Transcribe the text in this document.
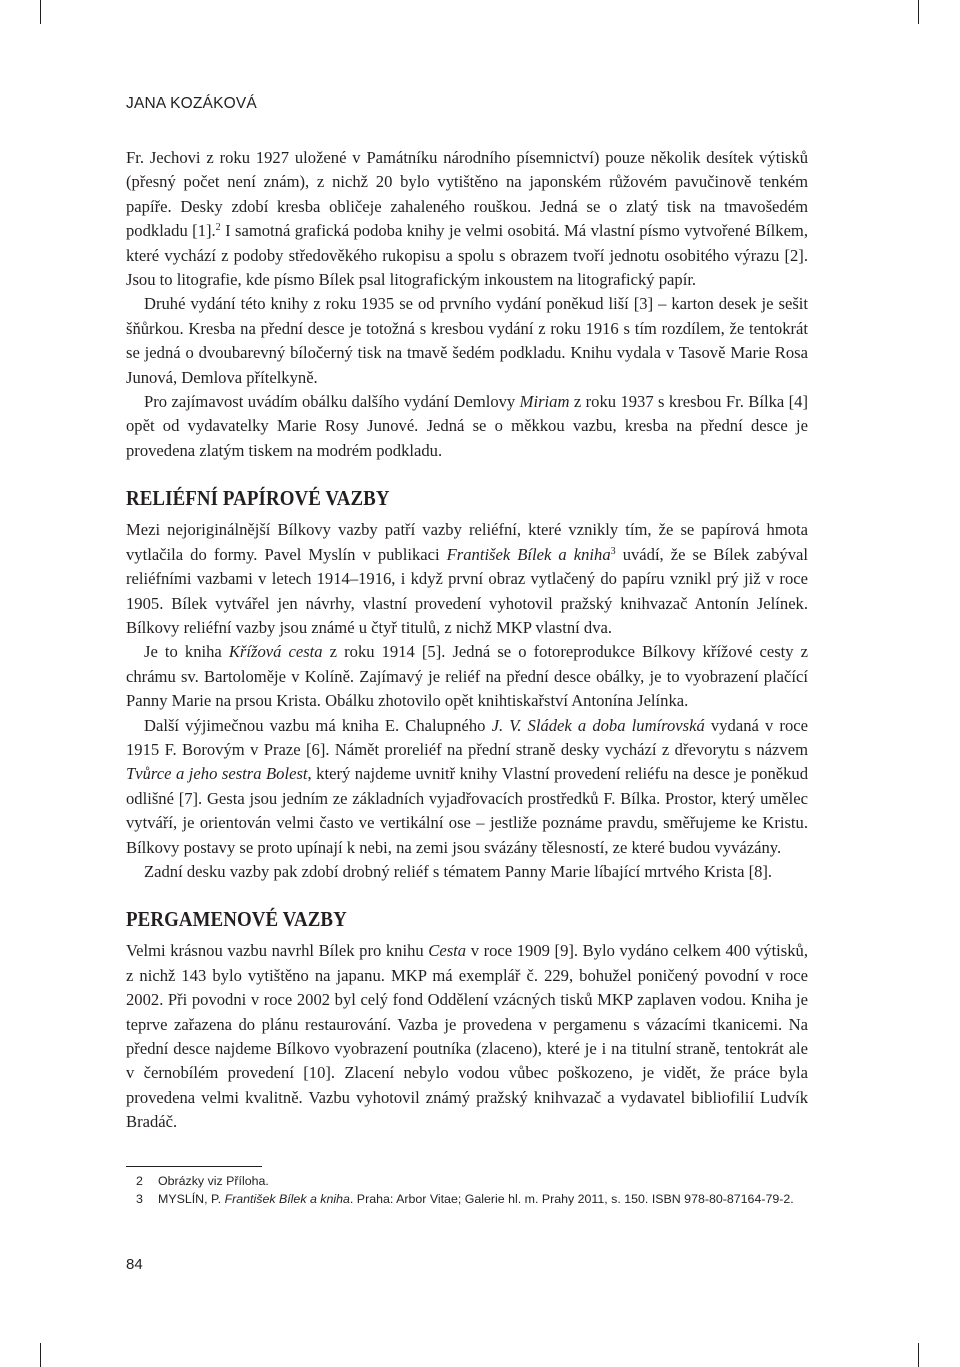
JANA KOZÁKOVÁ

Fr. Jechovi z roku 1927 uložené v Památníku národního písemnictví) pouze několik desítek výtisků (přesný počet není znám), z nichž 20 bylo vytištěno na japonském růžovém pavučinově tenkém papíře. Desky zdobí kresba obličeje zahaleného rouškou. Jedná se o zlatý tisk na tmavošedém podkladu [1].$^2$ I samotná grafická podoba knihy je velmi osobitá. Má vlastní písmo vytvořené Bílkem, které vychází z podoby středověkého rukopisu a spolu s obrazem tvoří jednotu osobitého výrazu [2]. Jsou to litografie, kde písmo Bílek psal litografickým inkoustem na litografický papír.

Druhé vydání této knihy z roku 1935 se od prvního vydání poněkud liší [3] – karton desek je sešit šňůrkou. Kresba na přední desce je totožná s kresbou vydání z roku 1916 s tím rozdílem, že tentokrát se jedná o dvoubarevný bíločerný tisk na tmavě šedém podkladu. Knihu vydala v Tasově Marie Rosa Junová, Demlova přítelkyně.

Pro zajímavost uvádím obálku dalšího vydání Demlovy Miriam z roku 1937 s kresbou Fr. Bílka [4] opět od vydavatelky Marie Rosy Junové. Jedná se o měkkou vazbu, kresba na přední desce je provedena zlatým tiskem na modrém podkladu.

RELIÉFNÍ PAPÍROVÉ VAZBY

Mezi nejoriginálnější Bílkovy vazby patří vazby reliéfní, které vznikly tím, že se papírová hmota vytlačila do formy. Pavel Myslín v publikaci František Bílek a kniha$^3$ uvádí, že se Bílek zabýval reliéfními vazbami v letech 1914–1916, i když první obraz vytlačený do papíru vznikl prý již v roce 1905. Bílek vytvářel jen návrhy, vlastní provedení vyhotovil pražský knihvazač Antonín Jelínek. Bílkovy reliéfní vazby jsou známé u čtyř titulů, z nichž MKP vlastní dva.

Je to kniha Křížová cesta z roku 1914 [5]. Jedná se o fotoreprodukce Bílkovy křížové cesty z chrámu sv. Bartoloměje v Kolíně. Zajímavý je reliéf na přední desce obálky, je to vyobrazení plačící Panny Marie na prsou Krista. Obálku zhotovilo opět knihtiskařství Antonína Jelínka.

Další výjimečnou vazbu má kniha E. Chalupného J. V. Sládek a doba lumírovská vydaná v roce 1915 F. Borovým v Praze [6]. Námět proreliéf na přední straně desky vychází z dřevorytu s názvem Tvůrce a jeho sestra Bolest, který najdeme uvnitř knihy Vlastní provedení reliéfu na desce je poněkud odlišné [7]. Gesta jsou jedním ze základních vyjadřovacích prostředků F. Bílka. Prostor, který umělec vytváří, je orientován velmi často ve vertikální ose – jestliže poznáme pravdu, směřujeme ke Kristu. Bílkovy postavy se proto upínají k nebi, na zemi jsou svázány tělesností, ze které budou vyvázány.

Zadní desku vazby pak zdobí drobný reliéf s tématem Panny Marie líbající mrtvého Krista [8].

PERGAMENOVÉ VAZBY

Velmi krásnou vazbu navrhl Bílek pro knihu Cesta v roce 1909 [9]. Bylo vydáno celkem 400 výtisků, z nichž 143 bylo vytištěno na japanu. MKP má exemplář č. 229, bohužel poničený povodní v roce 2002. Při povodni v roce 2002 byl celý fond Oddělení vzácných tisků MKP zaplaven vodou. Kniha je teprve zařazena do plánu restaurování. Vazba je provedena v pergamenu s vázacími tkanicemi. Na přední desce najdeme Bílkovo vyobrazení poutníka (zlaceno), které je i na titulní straně, tentokrát ale v černobílém provedení [10]. Zlacení nebylo vodou vůbec poškozeno, je vidět, že práce byla provedena velmi kvalitně. Vazbu vyhotovil známý pražský knihvazač a vydavatel bibliofilií Ludvík Bradáč.

2	Obrázky viz Příloha.
3	MYSLÍN, P. František Bílek a kniha. Praha: Arbor Vitae; Galerie hl. m. Prahy 2011, s. 150. ISBN 978-80-87164-79-2.
84
